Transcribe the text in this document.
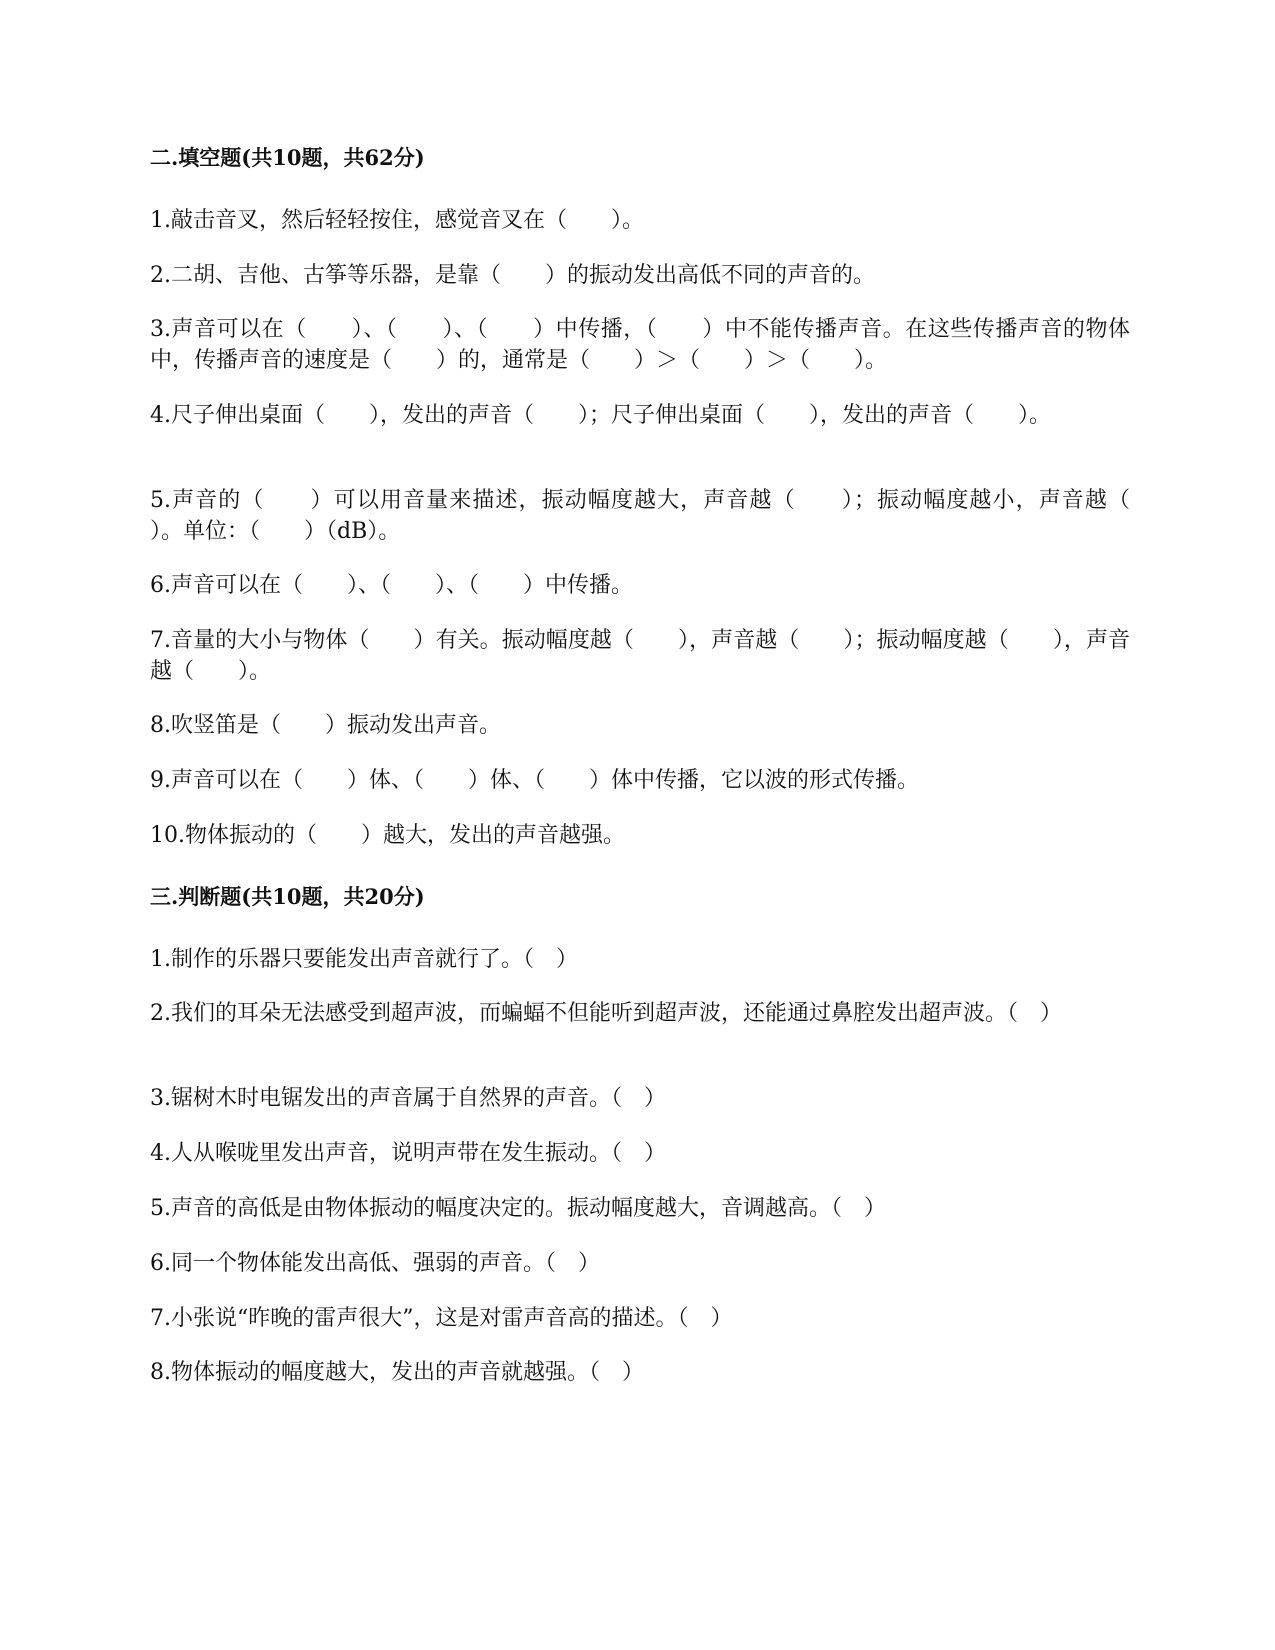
二.填空题(共10题，共62分)
1.敲击音叉，然后轻轻按住，感觉音叉在（　　）。
2.二胡、吉他、古筝等乐器，是靠（　　）的振动发出高低不同的声音的。
3.声音可以在（　　）、（　　）、（　　）中传播，（　　）中不能传播声音。在这些传播声音的物体中，传播声音的速度是（　　）的，通常是（　　）＞（　　）＞（　　）。
4.尺子伸出桌面（　　），发出的声音（　　）；尺子伸出桌面（　　），发出的声音（　　）。
5.声音的（　　）可以用音量来描述，振动幅度越大，声音越（　　）；振动幅度越小，声音越（　　）。单位：（　　）（dB）。
6.声音可以在（　　）、（　　）、（　　）中传播。
7.音量的大小与物体（　　）有关。振动幅度越（　　），声音越（　　）；振动幅度越（　　），声音越（　　）。
8.吹竖笛是（　　）振动发出声音。
9.声音可以在（　　）体、（　　）体、（　　）体中传播，它以波的形式传播。
10.物体振动的（　　）越大，发出的声音越强。
三.判断题(共10题，共20分)
1.制作的乐器只要能发出声音就行了。（　）
2.我们的耳朵无法感受到超声波，而蝙蝠不但能听到超声波，还能通过鼻腔发出超声波。（　）
3.锯树木时电锯发出的声音属于自然界的声音。（　）
4.人从喉咙里发出声音，说明声带在发生振动。（　）
5.声音的高低是由物体振动的幅度决定的。振动幅度越大，音调越高。（　）
6.同一个物体能发出高低、强弱的声音。（　）
7.小张说“昨晚的雷声很大”，这是对雷声音高的描述。（　）
8.物体振动的幅度越大，发出的声音就越强。（　）
